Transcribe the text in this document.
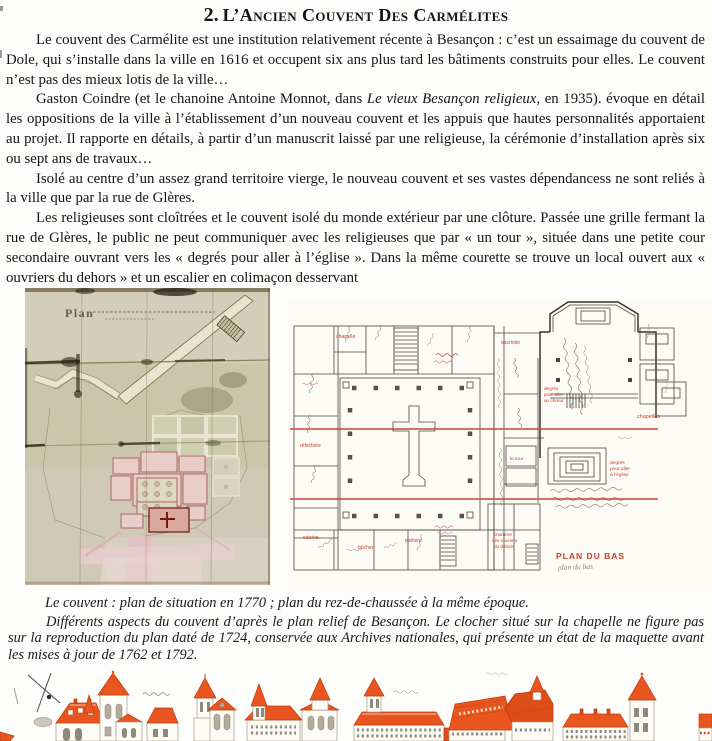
2. L’Ancien Couvent Des Carmélites

Le couvent des Carmélite est une institution relativement récente à Besançon : c’est un essaimage du couvent de Dole, qui s’installe dans la ville en 1616 et occupent six ans plus tard les bâtiments construits pour elles. Le couvent n’est pas des mieux lotis de la ville…

Gaston Coindre (et le chanoine Antoine Monnot, dans Le vieux Besançon religieux, en 1935). évoque en détail les oppositions de la ville à l’établissement d’un nouveau couvent et les appuis que hautes personnalités apportaient au projet. Il rapporte en détails, à partir d’un manuscrit laissé par une religieuse, la cérémonie d’installation après six ou sept ans de travaux…

Isolé au centre d’un assez grand territoire vierge, le nouveau couvent et ses vastes dépendancess ne sont reliés à la ville que par la rue de Glères.

Les religieuses sont cloîtrées et le couvent isolé du monde extérieur par une clôture. Passée une grille fermant la rue de Glères, le public ne peut communiquer avec les religieuses que par « un tour », située dans une petite cour secondaire ouvrant vers les « degrés pour aller à l’église ». Dans la même courette se trouve un local ouvert aux « ouvriers du dehors » et un escalier en colimaçon desservant

Plan
chapelle
sacristie
chapelles
réfectoire
cuisine
bûcher
parloirs
le tour
chambre
des ouvriers
du dehors
degrés
pour aller
au chœur
degrés
pour aller
à l’église
PLAN DU BAS
plan du bas

Le couvent : plan de situation en 1770 ; plan du rez-de-chaussée à la même époque.

Différents aspects du couvent d’après le plan relief de Besançon. Le clocher situé sur la chapelle ne figure pas sur la reproduction du plan daté de 1724, conservée aux Archives nationales, qui présente un état de la maquette avant les mises à jour de 1762 et 1792.
